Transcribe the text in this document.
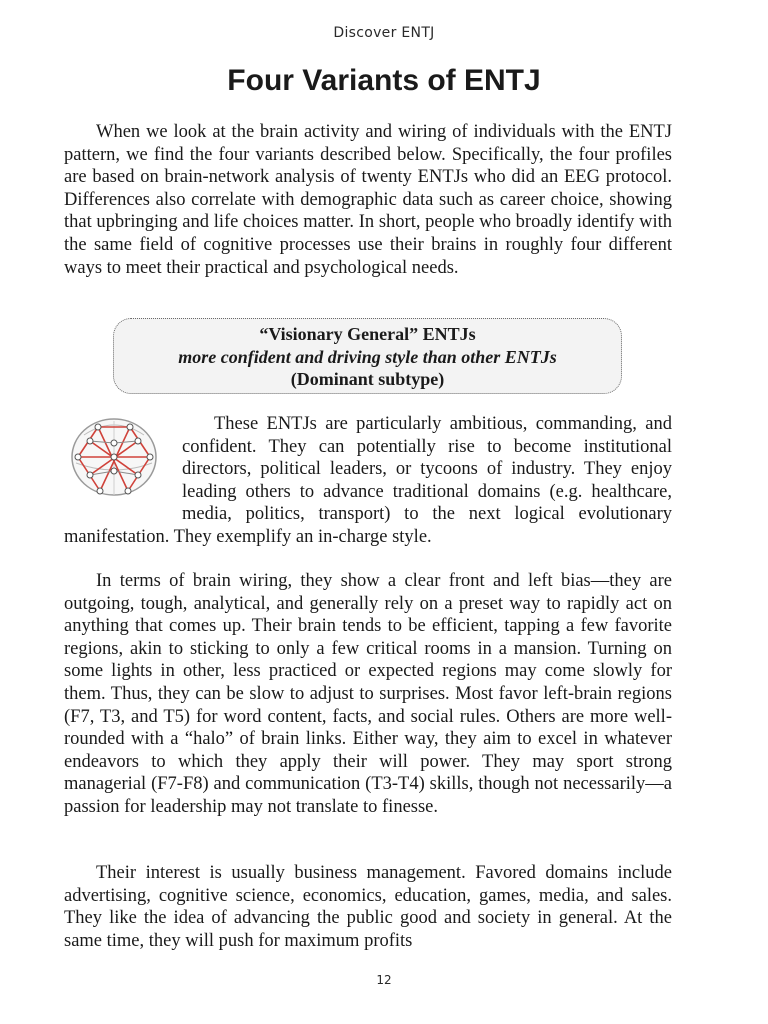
Discover ENTJ
Four Variants of ENTJ

When we look at the brain activity and wiring of individuals with the ENTJ pattern, we find the four variants described below. Specifically, the four profiles are based on brain-network analysis of twenty ENTJs who did an EEG protocol. Differences also correlate with demographic data such as career choice, showing that upbringing and life choices matter. In short, people who broadly identify with the same field of cognitive processes use their brains in roughly four different ways to meet their practical and psychological needs.

“Visionary General” ENTJs
more confident and driving style than other ENTJs
(Dominant subtype)
These ENTJs are particularly ambitious, commanding, and confident. They can potentially rise to become institutional directors, political leaders, or tycoons of industry. They enjoy leading others to advance traditional domains (e.g. healthcare, media, politics, transport) to the next logical evolutionary manifestation. They exemplify an in-charge style.

In terms of brain wiring, they show a clear front and left bias—they are outgoing, tough, analytical, and generally rely on a preset way to rapidly act on anything that comes up. Their brain tends to be efficient, tapping a few favorite regions, akin to sticking to only a few critical rooms in a mansion. Turning on some lights in other, less practiced or expected regions may come slowly for them. Thus, they can be slow to adjust to surprises. Most favor left-brain regions (F7, T3, and T5) for word content, facts, and social rules. Others are more well-rounded with a “halo” of brain links. Either way, they aim to excel in whatever endeavors to which they apply their will power. They may sport strong managerial (F7-F8) and communication (T3-T4) skills, though not necessarily—a passion for leadership may not translate to finesse.

Their interest is usually business management. Favored domains include advertising, cognitive science, economics, education, games, media, and sales. They like the idea of advancing the public good and society in general. At the same time, they will push for maximum profits

12
